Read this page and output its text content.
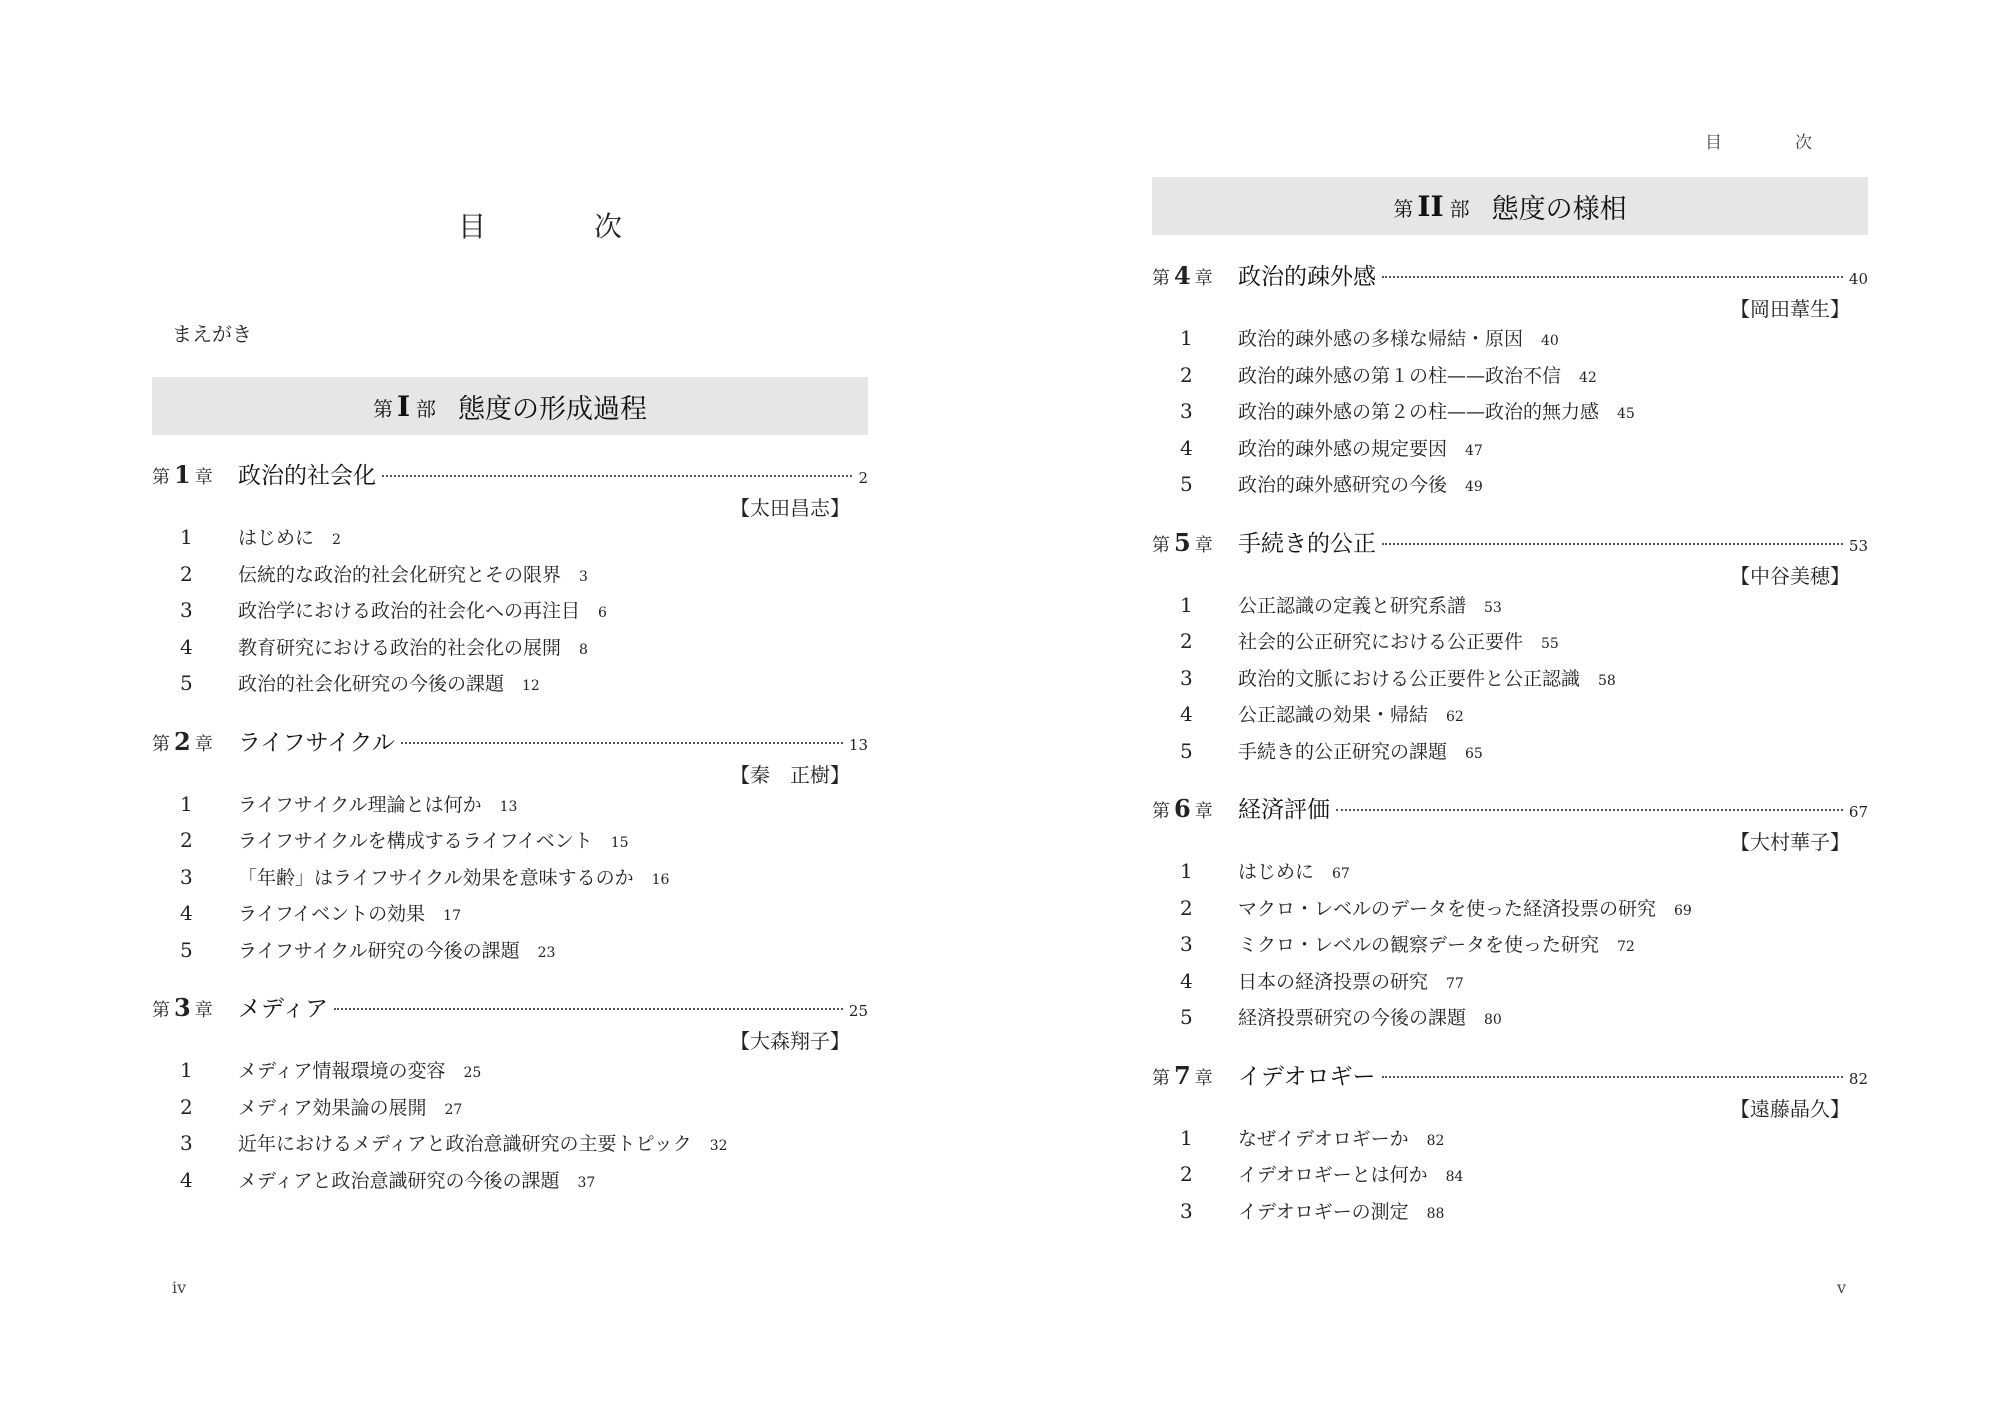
目　次
まえがき
第 I 部 態度の形成過程
第 1 章	政治的社会化	2
【太田昌志】
1	はじめに 2
2	伝統的な政治的社会化研究とその限界 3
3	政治学における政治的社会化への再注目 6
4	教育研究における政治的社会化の展開 8
5	政治的社会化研究の今後の課題 12
第 2 章	ライフサイクル	13
【秦　正樹】
1	ライフサイクル理論とは何か 13
2	ライフサイクルを構成するライフイベント 15
3	「年齢」はライフサイクル効果を意味するのか 16
4	ライフイベントの効果 17
5	ライフサイクル研究の今後の課題 23
第 3 章	メディア	25
【大森翔子】
1	メディア情報環境の変容 25
2	メディア効果論の展開 27
3	近年におけるメディアと政治意識研究の主要トピック 32
4	メディアと政治意識研究の今後の課題 37
iv
目　次
第 II 部 態度の様相
第 4 章	政治的疎外感	40
【岡田葦生】
1	政治的疎外感の多様な帰結・原因 40
2	政治的疎外感の第１の柱——政治不信 42
3	政治的疎外感の第２の柱——政治的無力感 45
4	政治的疎外感の規定要因 47
5	政治的疎外感研究の今後 49
第 5 章	手続き的公正	53
【中谷美穂】
1	公正認識の定義と研究系譜 53
2	社会的公正研究における公正要件 55
3	政治的文脈における公正要件と公正認識 58
4	公正認識の効果・帰結 62
5	手続き的公正研究の課題 65
第 6 章	経済評価	67
【大村華子】
1	はじめに 67
2	マクロ・レベルのデータを使った経済投票の研究 69
3	ミクロ・レベルの観察データを使った研究 72
4	日本の経済投票の研究 77
5	経済投票研究の今後の課題 80
第 7 章	イデオロギー	82
【遠藤晶久】
1	なぜイデオロギーか 82
2	イデオロギーとは何か 84
3	イデオロギーの測定 88
v
